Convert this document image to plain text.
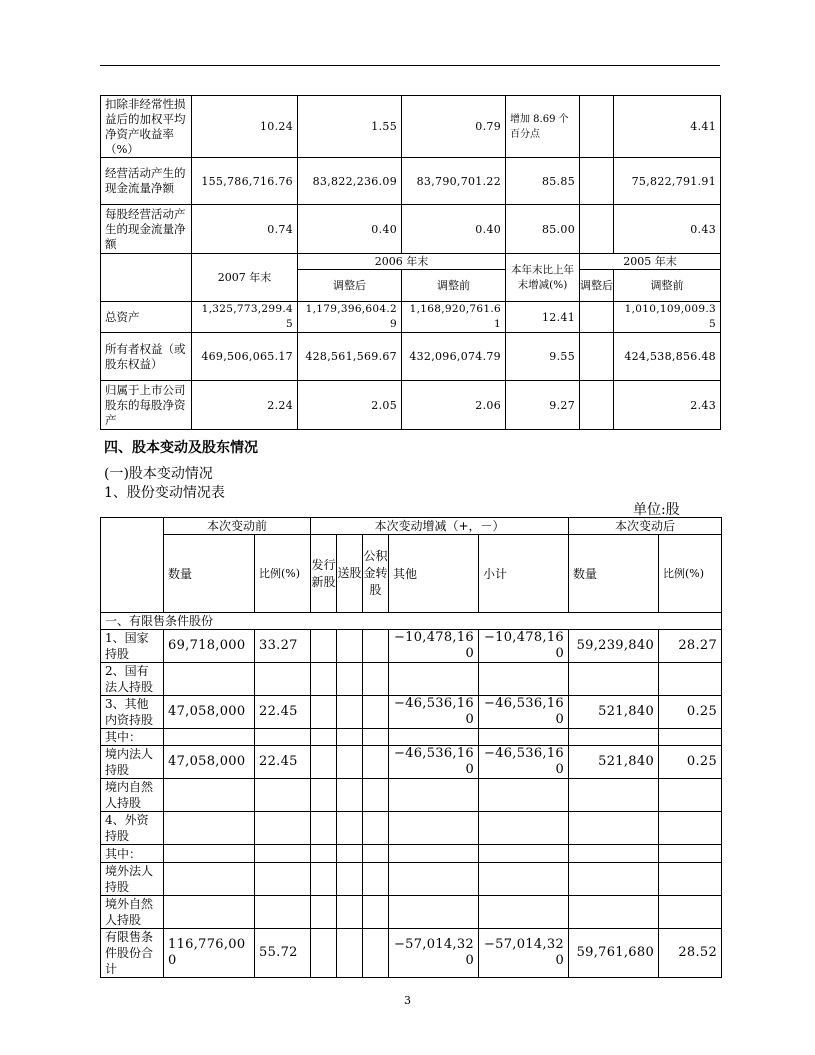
扣除非经常性损益后的加权平均净资产收益率（%）	10.24	1.55	0.79	增加 8.69 个百分点		4.41
经营活动产生的现金流量净额	155,786,716.76	83,822,236.09	83,790,701.22	85.85		75,822,791.91
每股经营活动产生的现金流量净额	0.74	0.40	0.40	85.00		0.43
	2007 年末	2006 年末		本年末比上年末增减(%)	2005 年末	
		调整后	调整前		调整后	调整前
总资产	1,325,773,299.45	1,179,396,604.29	1,168,920,761.61	12.41		1,010,109,009.35
所有者权益（或股东权益）	469,506,065.17	428,561,569.67	432,096,074.79	9.55		424,538,856.48
归属于上市公司股东的每股净资产	2.24	2.05	2.06	9.27		2.43
四、股本变动及股东情况
(一)股本变动情况
1、股份变动情况表
单位:股
	本次变动前		本次变动增减（+，－）					本次变动后	
	数量	比例(%)	发行新股	送股	公积金转股	其他	小计	数量	比例(%)
一、有限售条件股份									
1、国家持股	69,718,000	33.27				−10,478,160	−10,478,160	59,239,840	28.27
2、国有法人持股									
3、其他内资持股	47,058,000	22.45				−46,536,160	−46,536,160	521,840	0.25
其中：									
境内法人持股	47,058,000	22.45				−46,536,160	−46,536,160	521,840	0.25
境内自然人持股									
4、外资持股									
其中：									
境外法人持股									
境外自然人持股									
有限售条件股份合计	116,776,000	55.72				−57,014,320	−57,014,320	59,761,680	28.52
3
